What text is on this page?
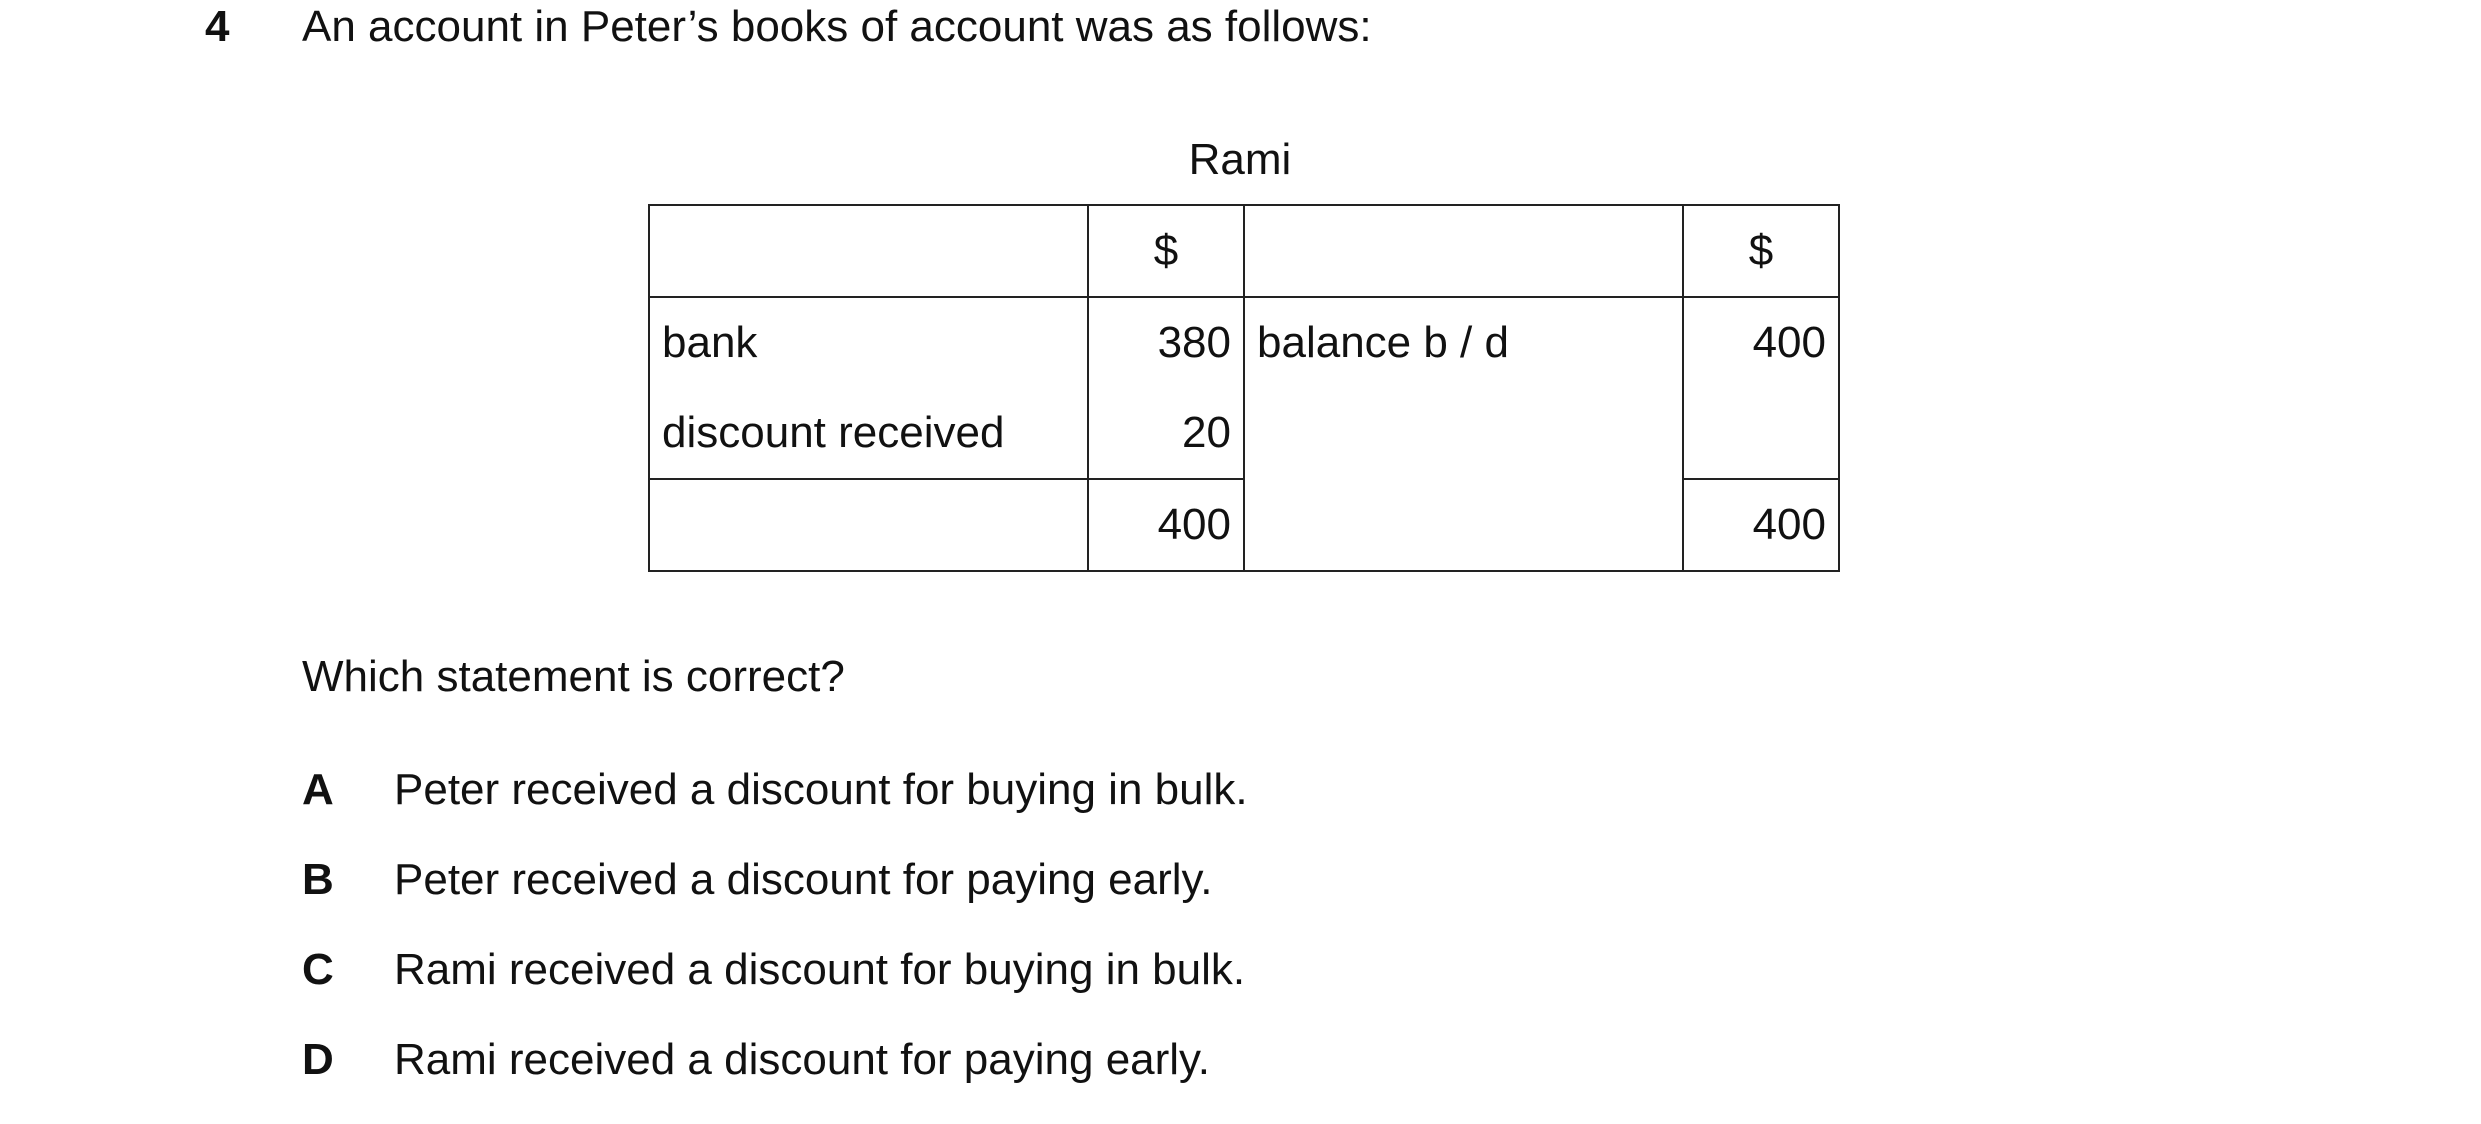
4 An account in Peter’s books of account was as follows:
Rami
	$		$
bank	380	balance b / d	400
discount received	20		
	400		400
Which statement is correct?
A Peter received a discount for buying in bulk.
B Peter received a discount for paying early.
C Rami received a discount for buying in bulk.
D Rami received a discount for paying early.
